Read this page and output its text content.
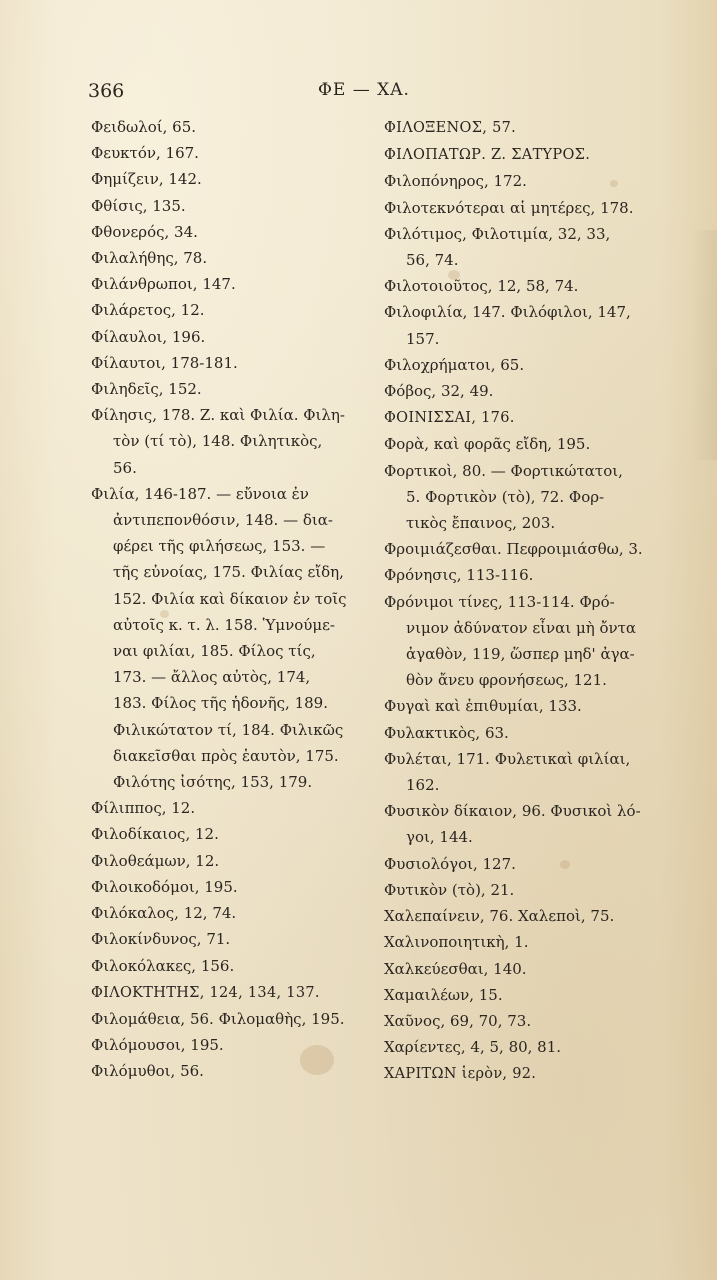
366	ΦΕ — ΧΑ.
Φειδωλοί, 65.
Φευκτόν, 167.
Φημίζειν, 142.
Φθίσις, 135.
Φθονερός, 34.
Φιλαλήθης, 78.
Φιλάνθρωποι, 147.
Φιλάρετος, 12.
Φίλαυλοι, 196.
Φίλαυτοι, 178-181.
Φιληδεῖς, 152.
Φίλησις, 178. Ζ. καὶ Φιλία. Φιλη-
τὸν (τί τὸ), 148. Φιλητικὸς,
56.
Φιλία, 146-187. — εὔνοια ἐν
ἀντιπεπονθόσιν, 148. — δια-
φέρει τῆς φιλήσεως, 153. —
τῆς εὐνοίας, 175. Φιλίας εἴδη,
152. Φιλία καὶ δίκαιον ἐν τοῖς
αὐτοῖς κ. τ. λ. 158. Ὑμνούμε-
ναι φιλίαι, 185. Φίλος τίς,
173. — ἄλλος αὐτὸς, 174,
183. Φίλος τῆς ἡδονῆς, 189.
Φιλικώτατον τί, 184. Φιλικῶς
διακεῖσθαι πρὸς ἑαυτὸν, 175.
Φιλότης ἰσότης, 153, 179.
Φίλιππος, 12.
Φιλοδίκαιος, 12.
Φιλοθεάμων, 12.
Φιλοικοδόμοι, 195.
Φιλόκαλος, 12, 74.
Φιλοκίνδυνος, 71.
Φιλοκόλακες, 156.
ΦΙΛΟΚΤΗΤΗΣ, 124, 134, 137.
Φιλομάθεια, 56. Φιλομαθὴς, 195.
Φιλόμουσοι, 195.
Φιλόμυθοι, 56.
ΦΙΛΟΞΕΝΟΣ, 57.
ΦΙΛΟΠΑΤΩΡ. Ζ. ΣΑΤΥΡΟΣ.
Φιλοπόνηρος, 172.
Φιλοτεκνότεραι αἱ μητέρες, 178.
Φιλότιμος, Φιλοτιμία, 32, 33,
56, 74.
Φιλοτοιοῦτος, 12, 58, 74.
Φιλοφιλία, 147. Φιλόφιλοι, 147,
157.
Φιλοχρήματοι, 65.
Φόβος, 32, 49.
ΦΟΙΝΙΣΣΑΙ, 176.
Φορὰ, καὶ φορᾶς εἴδη, 195.
Φορτικοὶ, 80. — Φορτικώτατοι,
5. Φορτικὸν (τὸ), 72. Φορ-
τικὸς ἔπαινος, 203.
Φροιμιάζεσθαι. Πεφροιμιάσθω, 3.
Φρόνησις, 113-116.
Φρόνιμοι τίνες, 113-114. Φρό-
νιμον ἀδύνατον εἶναι μὴ ὄντα
ἀγαθὸν, 119, ὥσπερ μηδ' ἀγα-
θὸν ἄνευ φρονήσεως, 121.
Φυγαὶ καὶ ἐπιθυμίαι, 133.
Φυλακτικὸς, 63.
Φυλέται, 171. Φυλετικαὶ φιλίαι,
162.
Φυσικὸν δίκαιον, 96. Φυσικοὶ λό-
γοι, 144.
Φυσιολόγοι, 127.
Φυτικὸν (τὸ), 21.
Χαλεπαίνειν, 76. Χαλεποὶ, 75.
Χαλινοποιητικὴ, 1.
Χαλκεύεσθαι, 140.
Χαμαιλέων, 15.
Χαῦνος, 69, 70, 73.
Χαρίεντες, 4, 5, 80, 81.
ΧΑΡΙΤΩΝ ἱερὸν, 92.
